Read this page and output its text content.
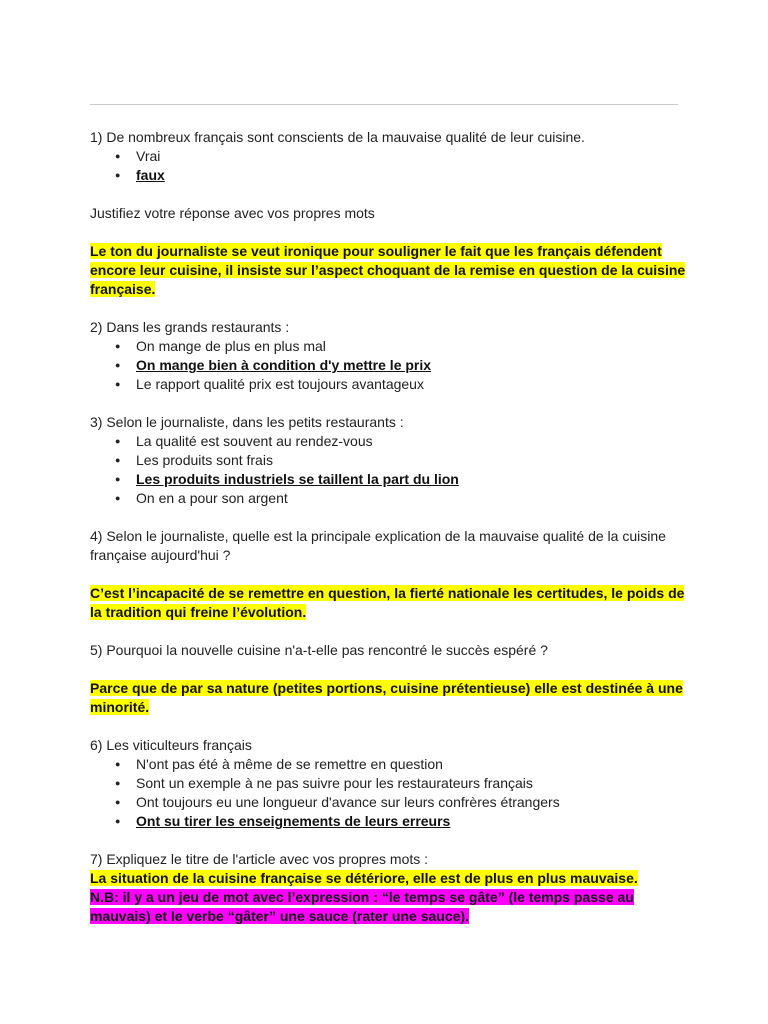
1) De nombreux français sont conscients de la mauvaise qualité de leur cuisine.

● Vrai
● faux

Justifiez votre réponse avec vos propres mots

Le ton du journaliste se veut ironique pour souligner le fait que les français défendent encore leur cuisine, il insiste sur l’aspect choquant de la remise en question de la cuisine française.

2) Dans les grands restaurants :

● On mange de plus en plus mal
● On mange bien à condition d'y mettre le prix
● Le rapport qualité prix est toujours avantageux

3) Selon le journaliste, dans les petits restaurants :

● La qualité est souvent au rendez-vous
● Les produits sont frais
● Les produits industriels se taillent la part du lion
● On en a pour son argent

4) Selon le journaliste, quelle est la principale explication de la mauvaise qualité de la cuisine française aujourd'hui ?

C’est l’incapacité de se remettre en question, la fierté nationale les certitudes, le poids de la tradition qui freine l’évolution.

5) Pourquoi la nouvelle cuisine n'a-t-elle pas rencontré le succès espéré ?

Parce que de par sa nature (petites portions, cuisine prétentieuse) elle est destinée à une minorité.

6) Les viticulteurs français

● N'ont pas été à même de se remettre en question
● Sont un exemple à ne pas suivre pour les restaurateurs français
● Ont toujours eu une longueur d'avance sur leurs confrères étrangers
● Ont su tirer les enseignements de leurs erreurs

7) Expliquez le titre de l'article avec vos propres mots :

La situation de la cuisine française se détériore, elle est de plus en plus mauvaise.

N.B: il y a un jeu de mot avec l’expression : “le temps se gâte” (le temps passe au mauvais) et le verbe “gâter” une sauce (rater une sauce).
